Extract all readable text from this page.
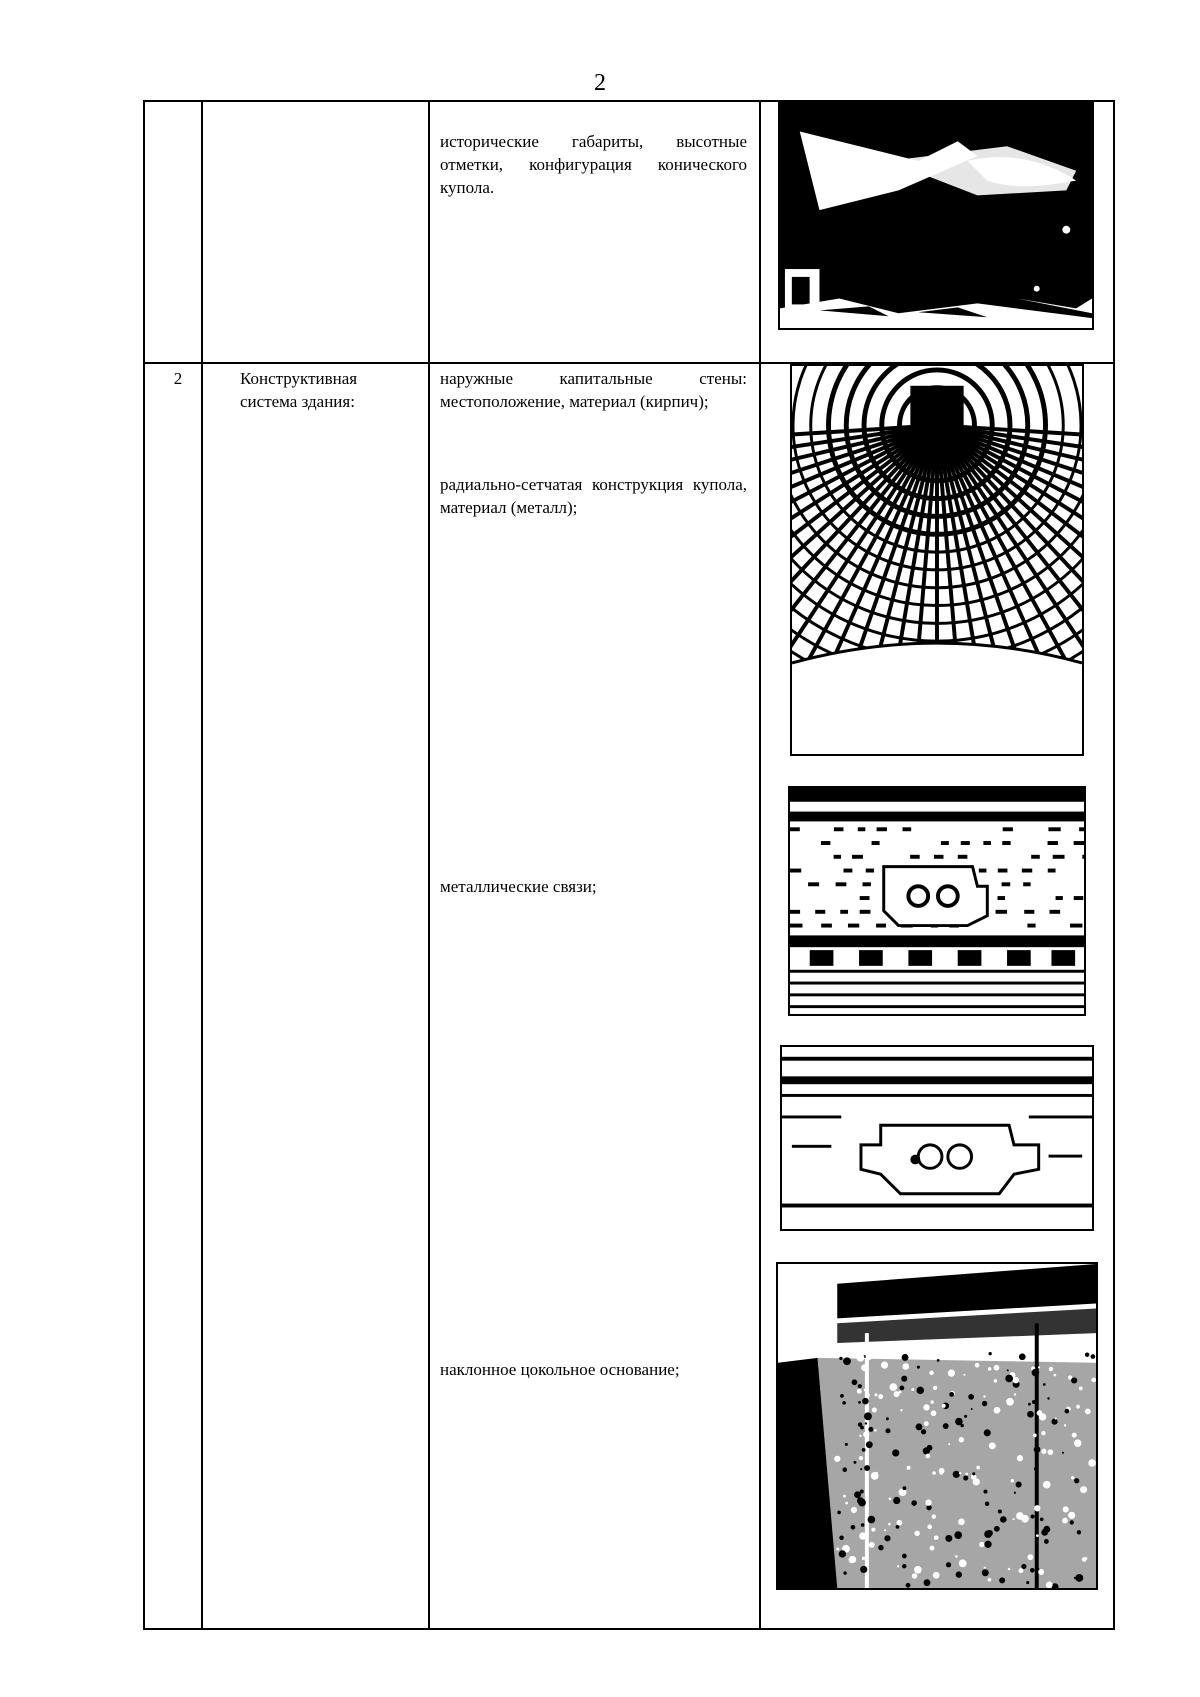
2
исторические габариты, высотные отметки, конфигурация конического купола.
2	Конструктивная система здания:
наружные капитальные стены: местоположение, материал (кирпич);
радиально-сетчатая конструкция купола, материал (металл);
металлические связи;
наклонное цокольное основание;
